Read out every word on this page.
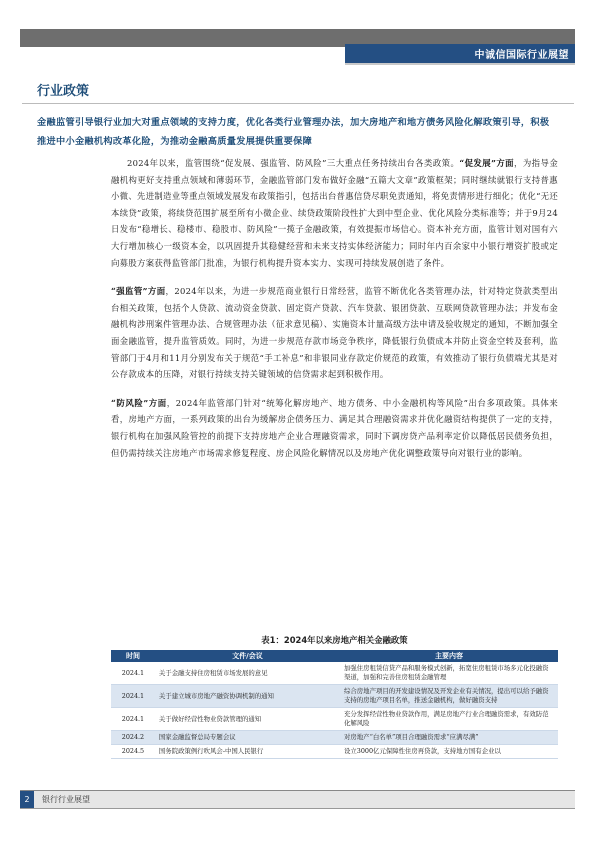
中诚信国际行业展望
行业政策
金融监管引导银行业加大对重点领域的支持力度，优化各类行业管理办法，加大房地产和地方债务风险化解政策引导，积极推进中小金融机构改革化险，为推动金融高质量发展提供重要保障

2024年以来，监管围绕“促发展、强监管、防风险”三大重点任务持续出台各类政策。“促发展”方面，为指导金融机构更好支持重点领域和薄弱环节，金融监管部门发布做好金融“五篇大文章”政策框架；同时继续就银行支持普惠小微、先进制造业等重点领域发展发布政策指引，包括出台普惠信贷尽职免责通知，将免责情形进行细化；优化“无还本续贷”政策，将续贷范围扩展至所有小微企业、续贷政策阶段性扩大到中型企业、优化风险分类标准等；并于9月24日发布“稳增长、稳楼市、稳股市、防风险”一揽子金融政策，有效提振市场信心。资本补充方面，监管计划对国有六大行增加核心一级资本金，以巩固提升其稳健经营和未来支持实体经济能力；同时年内百余家中小银行增资扩股或定向募股方案获得监管部门批准，为银行机构提升资本实力、实现可持续发展创造了条件。

“强监管”方面，2024年以来，为进一步规范商业银行日常经营，监管不断优化各类管理办法，针对特定贷款类型出台相关政策，包括个人贷款、流动资金贷款、固定资产贷款、汽车贷款、银团贷款、互联网贷款管理办法；并发布金融机构涉刑案件管理办法、合规管理办法（征求意见稿）、实施资本计量高级方法申请及验收规定的通知，不断加强全面金融监管，提升监管质效。同时，为进一步规范存款市场竞争秩序，降低银行负债成本并防止资金空转及套利，监管部门于4月和11月分别发布关于规范“手工补息”和非银同业存款定价规范的政策，有效推动了银行负债端尤其是对公存款成本的压降，对银行持续支持关键领域的信贷需求起到积极作用。

“防风险”方面，2024年监管部门针对“统筹化解房地产、地方债务、中小金融机构等风险”出台多项政策。具体来看，房地产方面，一系列政策的出台为缓解房企债务压力、满足其合理融资需求并优化融资结构提供了一定的支持，银行机构在加强风险管控的前提下支持房地产企业合理融资需求，同时下调房贷产品利率定价以降低居民债务负担，但仍需持续关注房地产市场需求修复程度、房企风险化解情况以及房地产优化调整政策导向对银行业的影响。

表1：2024年以来房地产相关金融政策
时间	文件/会议	主要内容
2024.1	关于金融支持住房租赁市场发展的意见	加强住房租赁信贷产品和服务模式创新，拓宽住房租赁市场多元化投融资渠道，加强和完善住房租赁金融管理
2024.1	关于建立城市房地产融资协调机制的通知	综合房地产项目的开发建设情况及开发企业有关情况，提出可以给予融资支持的房地产项目名单，推送金融机构，做好融资支持
2024.1	关于做好经营性物业贷款管理的通知	充分发挥经营性物业贷款作用，满足房地产行业合理融资需求，有效防范化解风险
2024.2	国家金融监督总局专题会议	对房地产“白名单”项目合理融资需求“应满尽满”
2024.5	国务院政策例行吹风会-中国人民银行	设立3000亿元保障性住房再贷款，支持地方国有企业以
2	银行行业展望
